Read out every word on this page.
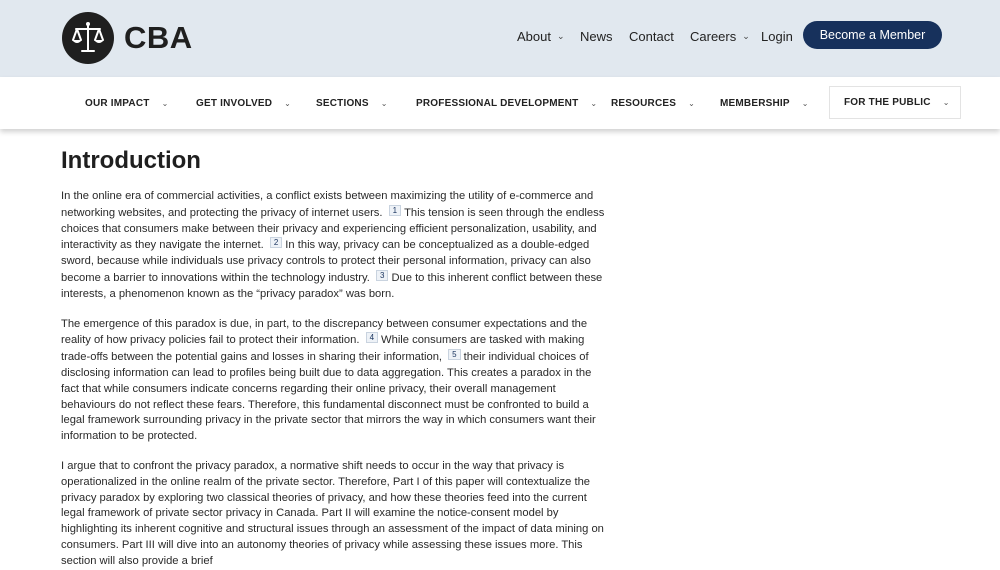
CBA	About ⌄ News Contact Careers ⌄ Login	Become a Member
OUR IMPACT ⌄	GET INVOLVED ⌄ SECTIONS ⌄	PROFESSIONAL DEVELOPMENT ⌄ RESOURCES ⌄ MEMBERSHIP ⌄	FOR THE PUBLIC ⌄
Introduction

In the online era of commercial activities, a conflict exists between maximizing the utility of e-commerce and networking websites, and protecting the privacy of internet users. 1 This tension is seen through the endless choices that consumers make between their privacy and experiencing efficient personalization, usability, and interactivity as they navigate the internet. 2 In this way, privacy can be conceptualized as a double-edged sword, because while individuals use privacy controls to protect their personal information, privacy can also become a barrier to innovations within the technology industry. 3 Due to this inherent conflict between these interests, a phenomenon known as the “privacy paradox” was born.

The emergence of this paradox is due, in part, to the discrepancy between consumer expectations and the reality of how privacy policies fail to protect their information. 4 While consumers are tasked with making trade-offs between the potential gains and losses in sharing their information, 5 their individual choices of disclosing information can lead to profiles being built due to data aggregation. This creates a paradox in the fact that while consumers indicate concerns regarding their online privacy, their overall management behaviours do not reflect these fears. Therefore, this fundamental disconnect must be confronted to build a legal framework surrounding privacy in the private sector that mirrors the way in which consumers want their information to be protected.

I argue that to confront the privacy paradox, a normative shift needs to occur in the way that privacy is operationalized in the online realm of the private sector. Therefore, Part I of this paper will contextualize the privacy paradox by exploring two classical theories of privacy, and how these theories feed into the current legal framework of private sector privacy in Canada. Part II will examine the notice-consent model by highlighting its inherent cognitive and structural issues through an assessment of the impact of data mining on consumers. Part III will dive into an autonomy theories of privacy while assessing these issues more. This section will also provide a brief
